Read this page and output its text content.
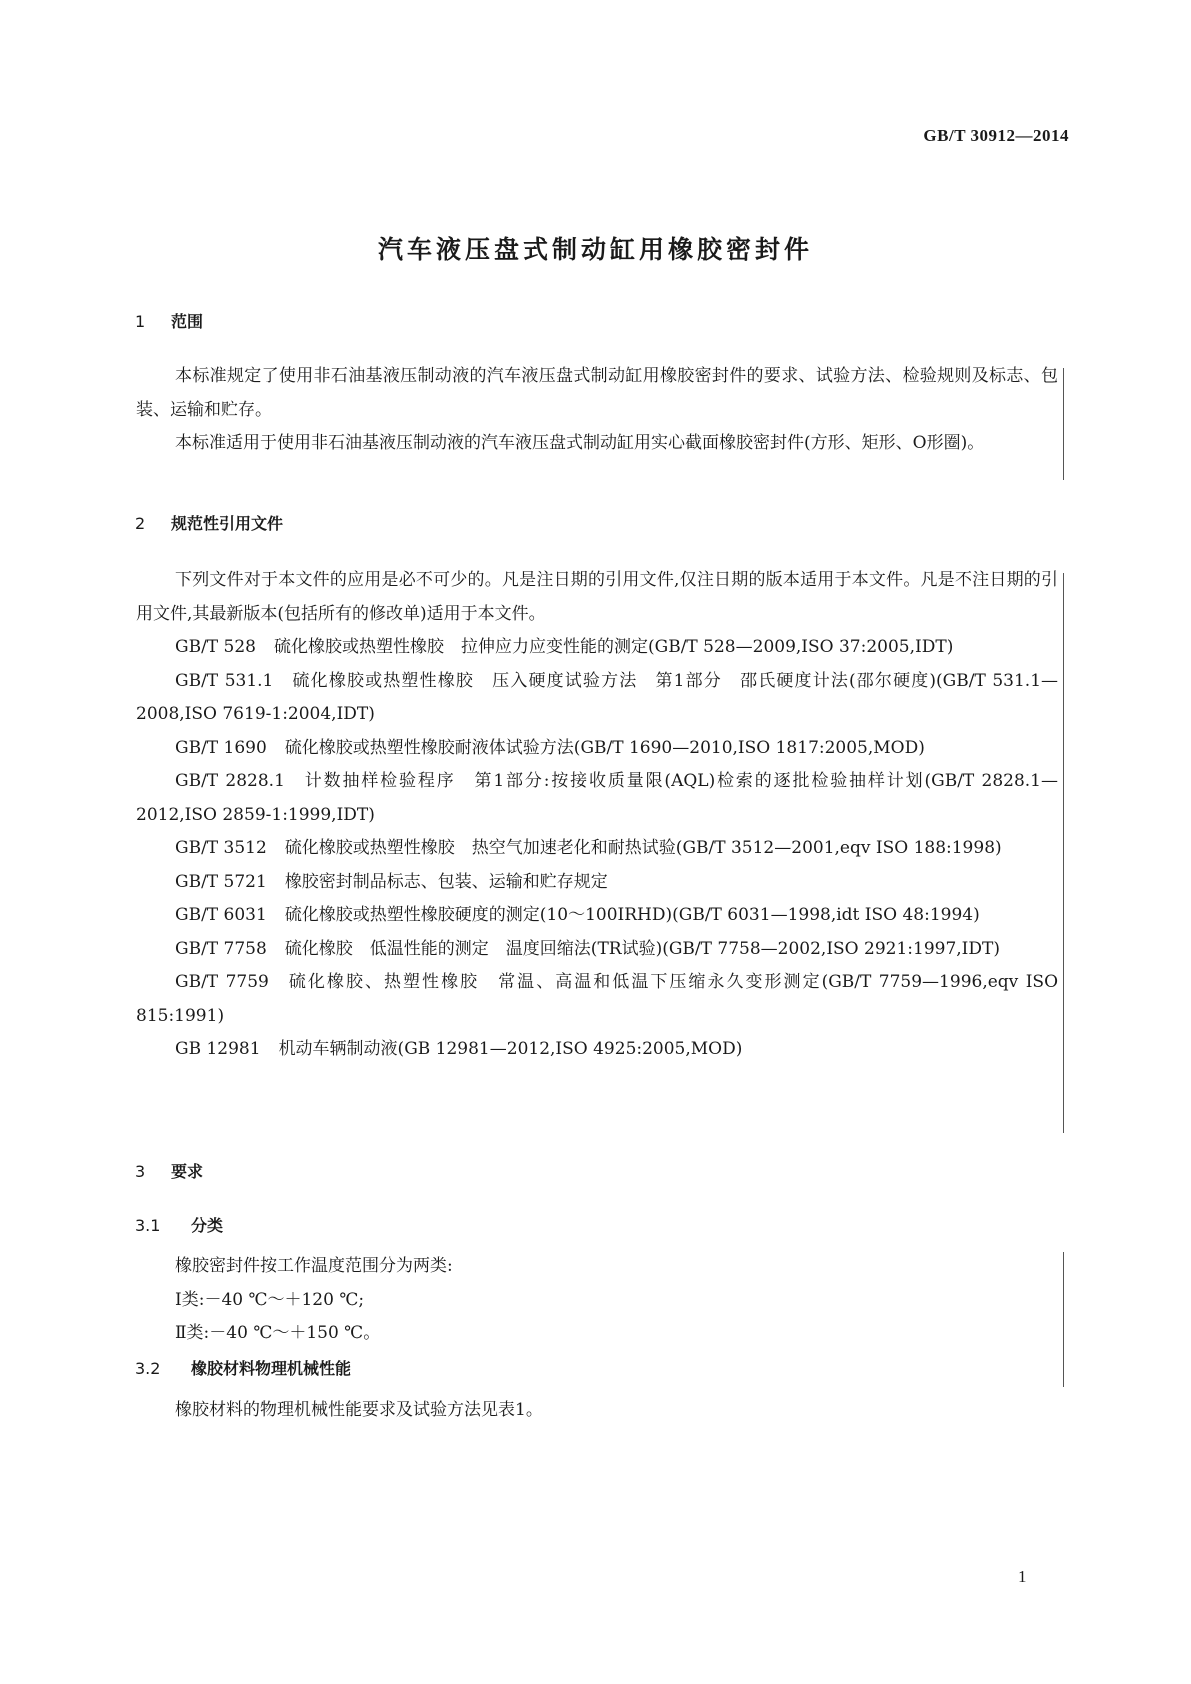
GB/T 30912—2014
汽车液压盘式制动缸用橡胶密封件
1 范围
本标准规定了使用非石油基液压制动液的汽车液压盘式制动缸用橡胶密封件的要求、试验方法、检验规则及标志、包装、运输和贮存。
本标准适用于使用非石油基液压制动液的汽车液压盘式制动缸用实心截面橡胶密封件(方形、矩形、O形圈)。
2 规范性引用文件
下列文件对于本文件的应用是必不可少的。凡是注日期的引用文件,仅注日期的版本适用于本文件。凡是不注日期的引用文件,其最新版本(包括所有的修改单)适用于本文件。
GB/T 528 硫化橡胶或热塑性橡胶　拉伸应力应变性能的测定(GB/T 528—2009,ISO 37:2005,IDT)
GB/T 531.1 硫化橡胶或热塑性橡胶　压入硬度试验方法　第1部分　邵氏硬度计法(邵尔硬度)(GB/T 531.1—2008,ISO 7619-1:2004,IDT)
GB/T 1690 硫化橡胶或热塑性橡胶耐液体试验方法(GB/T 1690—2010,ISO 1817:2005,MOD)
GB/T 2828.1 计数抽样检验程序　第1部分:按接收质量限(AQL)检索的逐批检验抽样计划(GB/T 2828.1—2012,ISO 2859-1:1999,IDT)
GB/T 3512 硫化橡胶或热塑性橡胶　热空气加速老化和耐热试验(GB/T 3512—2001,eqv ISO 188:1998)
GB/T 5721 橡胶密封制品标志、包装、运输和贮存规定
GB/T 6031 硫化橡胶或热塑性橡胶硬度的测定(10～100IRHD)(GB/T 6031—1998,idt ISO 48:1994)
GB/T 7758 硫化橡胶　低温性能的测定　温度回缩法(TR试验)(GB/T 7758—2002,ISO 2921:1997,IDT)
GB/T 7759 硫化橡胶、热塑性橡胶　常温、高温和低温下压缩永久变形测定(GB/T 7759—1996,eqv ISO 815:1991)
GB 12981 机动车辆制动液(GB 12981—2012,ISO 4925:2005,MOD)
3 要求
3.1 分类
橡胶密封件按工作温度范围分为两类:
Ⅰ类:－40 ℃～＋120 ℃;
Ⅱ类:－40 ℃～＋150 ℃。
3.2 橡胶材料物理机械性能
橡胶材料的物理机械性能要求及试验方法见表1。
1
